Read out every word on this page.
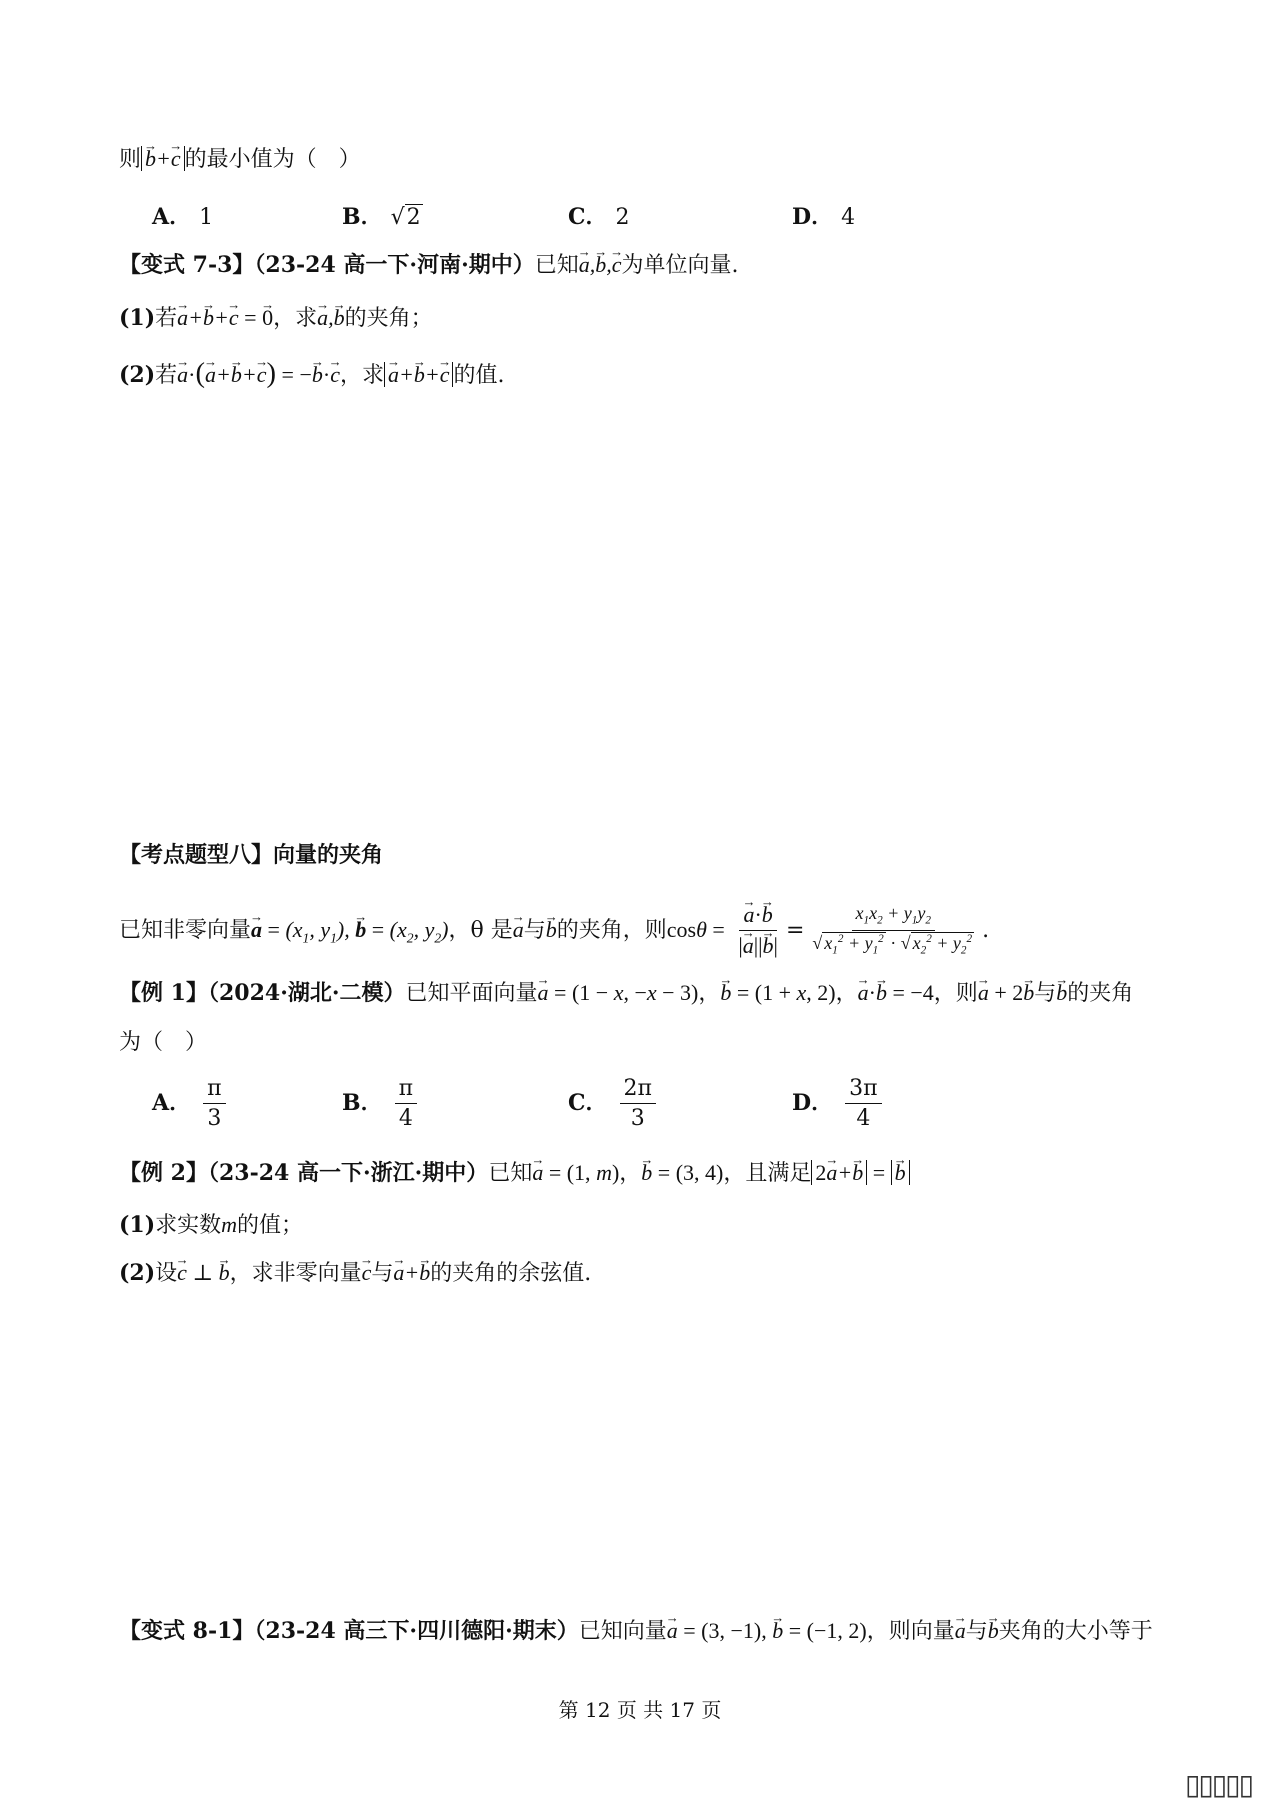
则 → b+→ c 的最小值为（　）
A． 1	B． √2	C． 2	D． 4
【变式 7-3】（23-24 高一下·河南·期中）已知→ a,→ b,→ c为单位向量.
(1)若→ a+→ b+→ c = → 0，求→ a,→ b的夹角；
(2)若→ a·(→ a+→ b+→ c) = −→ b·→ c，求 → a+→ b+→ c 的值.
【考点题型八】向量的夹角
已知非零向量→ $a = (x_1$, $y_1$), → $b = (x_2$, $y_2$)，θ 是→ a与→ b的夹角，则cosθ = → $\frac{a\cdot\to b}{|\to a||\to b|} = \frac{x_1x_2 + y_1y_2}{√ x_1^2 + y_1^2 \cdot √ x_2^2 + y_2^2}$ .
【例 1】（2024·湖北·二模）已知平面向量→ a = (1 − x, −x − 3)，→ b = (1 + x, 2)，→ a·→ b = −4，则→ a + 2→ b与→ b的夹角
为（　）
A． $\frac{\pi}{3}$	B． $\frac{\pi}{4}$	C． $\frac{2\pi}{3}$	D． $\frac{3\pi}{4}$
【例 2】（23-24 高一下·浙江·期中）已知→ a = (1, m)，→ b = (3, 4)，且满足 2→ a+→ b = → b
(1)求实数m的值；
(2)设→ c ⊥ → b，求非零向量→ c与→ a+→ b的夹角的余弦值.
【变式 8-1】（23-24 高三下·四川德阳·期末）已知向量→ a = (3, −1), → b = (−1, 2)，则向量→ a与→ b夹角的大小等于
第 12 页 共 17 页
▯▯▯▯▯
